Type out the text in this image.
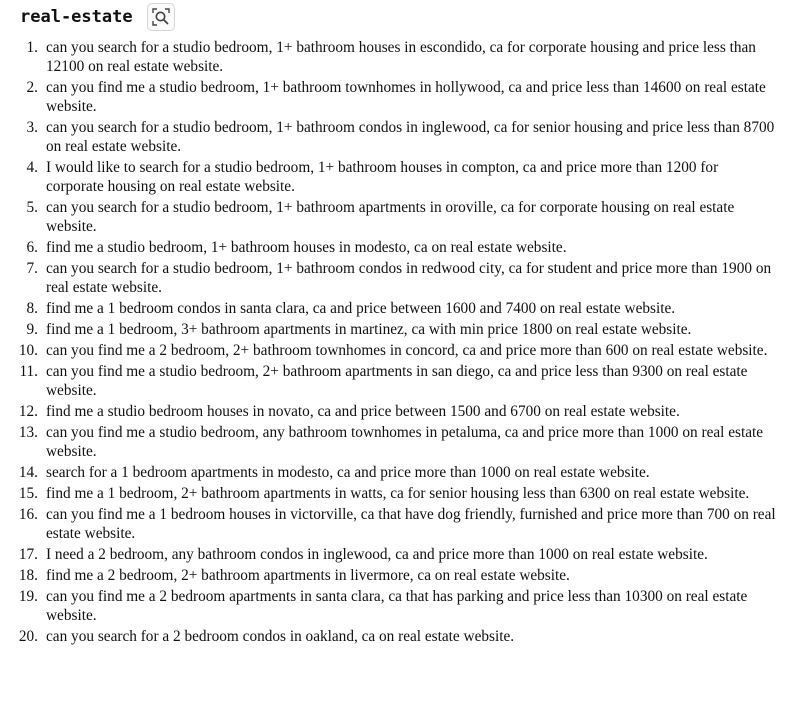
real-estate
can you search for a studio bedroom, 1+ bathroom houses in escondido, ca for corporate housing and price less than 12100 on real estate website.
can you find me a studio bedroom, 1+ bathroom townhomes in hollywood, ca and price less than 14600 on real estate website.
can you search for a studio bedroom, 1+ bathroom condos in inglewood, ca for senior housing and price less than 8700 on real estate website.
I would like to search for a studio bedroom, 1+ bathroom houses in compton, ca and price more than 1200 for corporate housing on real estate website.
can you search for a studio bedroom, 1+ bathroom apartments in oroville, ca for corporate housing on real estate website.
find me a studio bedroom, 1+ bathroom houses in modesto, ca on real estate website.
can you search for a studio bedroom, 1+ bathroom condos in redwood city, ca for student and price more than 1900 on real estate website.
find me a 1 bedroom condos in santa clara, ca and price between 1600 and 7400 on real estate website.
find me a 1 bedroom, 3+ bathroom apartments in martinez, ca with min price 1800 on real estate website.
can you find me a 2 bedroom, 2+ bathroom townhomes in concord, ca and price more than 600 on real estate website.
can you find me a studio bedroom, 2+ bathroom apartments in san diego, ca and price less than 9300 on real estate website.
find me a studio bedroom houses in novato, ca and price between 1500 and 6700 on real estate website.
can you find me a studio bedroom, any bathroom townhomes in petaluma, ca and price more than 1000 on real estate website.
search for a 1 bedroom apartments in modesto, ca and price more than 1000 on real estate website.
find me a 1 bedroom, 2+ bathroom apartments in watts, ca for senior housing less than 6300 on real estate website.
can you find me a 1 bedroom houses in victorville, ca that have dog friendly, furnished and price more than 700 on real estate website.
I need a 2 bedroom, any bathroom condos in inglewood, ca and price more than 1000 on real estate website.
find me a 2 bedroom, 2+ bathroom apartments in livermore, ca on real estate website.
can you find me a 2 bedroom apartments in santa clara, ca that has parking and price less than 10300 on real estate website.
can you search for a 2 bedroom condos in oakland, ca on real estate website.
